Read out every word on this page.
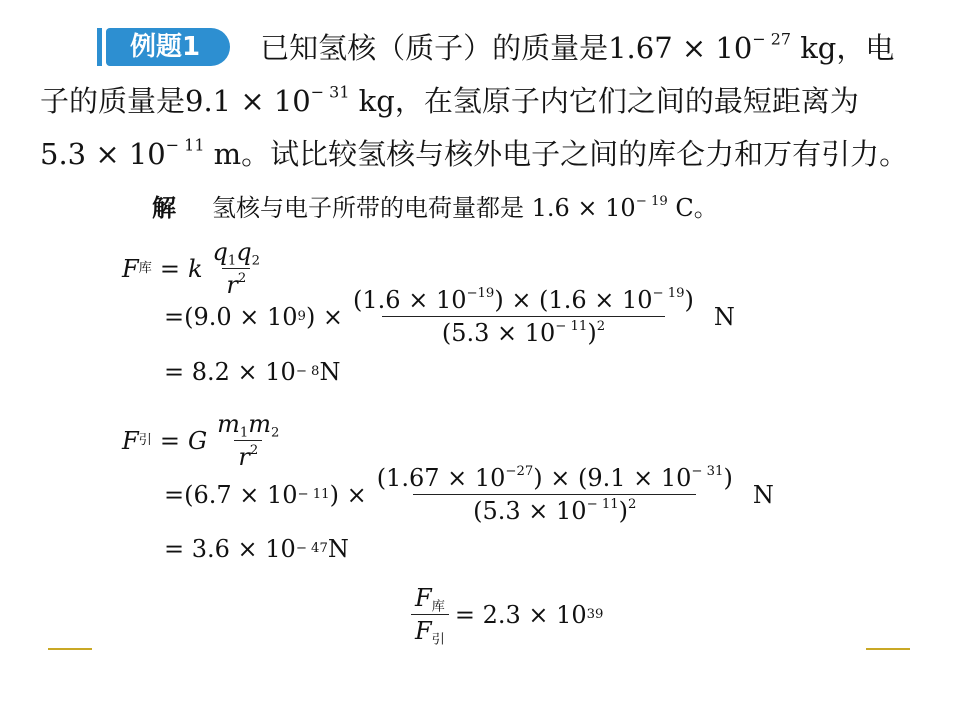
例题1 已知氢核（质子）的质量是$1.67 \times 10^{- 27}$ kg，电
子的质量是$9.1 \times 10^{- 31}$ kg，在氢原子内它们之间的最短距离为
$5.3 \times 10^{- 11}$ m。试比较氢核与核外电子之间的库仑力和万有引力。
解 氢核与电子所带的电荷量都是 $1.6 \times 10^{- 19}$ C。
F 库 = k $\frac{q_1q_2}{r^2}$
=(9.0 × 10 9 ) × $\frac{(1.6 \times 10^{-19}) \times (1.6 \times 10^{- 19})}{(5.3 \times 10^{- 11})^2}$ N
= 8.2 × 10 − 8 N
F 引 = G $\frac{m_1m_2}{r^2}$
=(6.7 × 10 − 11 ) × $\frac{(1.67 \times 10^{-27}) \times (9.1 \times 10^{- 31})}{(5.3 \times 10^{- 11})^2}$ N
= 3.6 × 10 − 47 N
$\frac{F_库}{F_引} = 2.3 \times 10$ 39
